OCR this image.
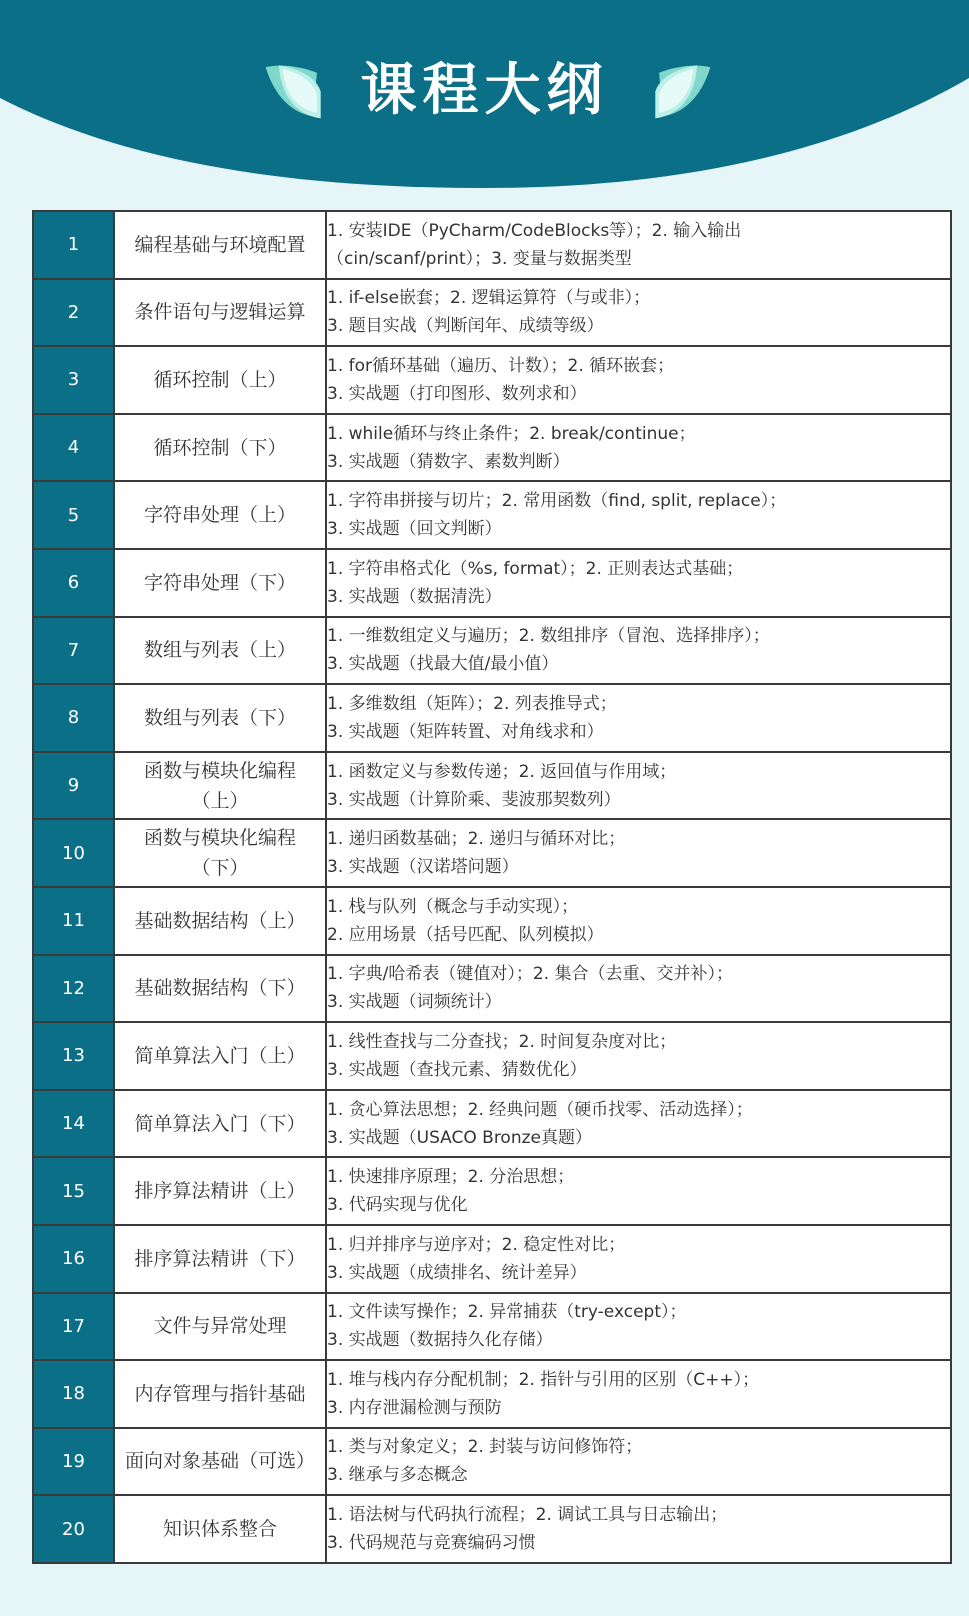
课程大纲
1	编程基础与环境配置	1. 安装IDE（PyCharm/CodeBlocks等）；2. 输入输出
（cin/scanf/print）；3. 变量与数据类型

2	条件语句与逻辑运算	1. if-else嵌套；2. 逻辑运算符（与或非）；
3. 题目实战（判断闰年、成绩等级）

3	循环控制（上）	1. for循环基础（遍历、计数）；2. 循环嵌套；
3. 实战题（打印图形、数列求和）

4	循环控制（下）	1. while循环与终止条件；2. break/continue；
3. 实战题（猜数字、素数判断）

5	字符串处理（上）	1. 字符串拼接与切片；2. 常用函数（find, split, replace）；
3. 实战题（回文判断）

6	字符串处理（下）	1. 字符串格式化（%s, format）；2. 正则表达式基础；
3. 实战题（数据清洗）

7	数组与列表（上）	1. 一维数组定义与遍历；2. 数组排序（冒泡、选择排序）；
3. 实战题（找最大值/最小值）

8	数组与列表（下）	1. 多维数组（矩阵）；2. 列表推导式；
3. 实战题（矩阵转置、对角线求和）

9	函数与模块化编程
（上）	1. 函数定义与参数传递；2. 返回值与作用域；
3. 实战题（计算阶乘、斐波那契数列）

10	函数与模块化编程
（下）	1. 递归函数基础；2. 递归与循环对比；
3. 实战题（汉诺塔问题）

11	基础数据结构（上）	1. 栈与队列（概念与手动实现）；
2. 应用场景（括号匹配、队列模拟）

12	基础数据结构（下）	1. 字典/哈希表（键值对）；2. 集合（去重、交并补）；
3. 实战题（词频统计）

13	简单算法入门（上）	1. 线性查找与二分查找；2. 时间复杂度对比；
3. 实战题（查找元素、猜数优化）

14	简单算法入门（下）	1. 贪心算法思想；2. 经典问题（硬币找零、活动选择）；
3. 实战题（USACO Bronze真题）

15	排序算法精讲（上）	1. 快速排序原理；2. 分治思想；
3. 代码实现与优化

16	排序算法精讲（下）	1. 归并排序与逆序对；2. 稳定性对比；
3. 实战题（成绩排名、统计差异）

17	文件与异常处理	1. 文件读写操作；2. 异常捕获（try-except）；
3. 实战题（数据持久化存储）

18	内存管理与指针基础	1. 堆与栈内存分配机制；2. 指针与引用的区别（C++）；
3. 内存泄漏检测与预防

19	面向对象基础（可选）	1. 类与对象定义；2. 封装与访问修饰符；
3. 继承与多态概念

20	知识体系整合	1. 语法树与代码执行流程；2. 调试工具与日志输出；
3. 代码规范与竞赛编码习惯
